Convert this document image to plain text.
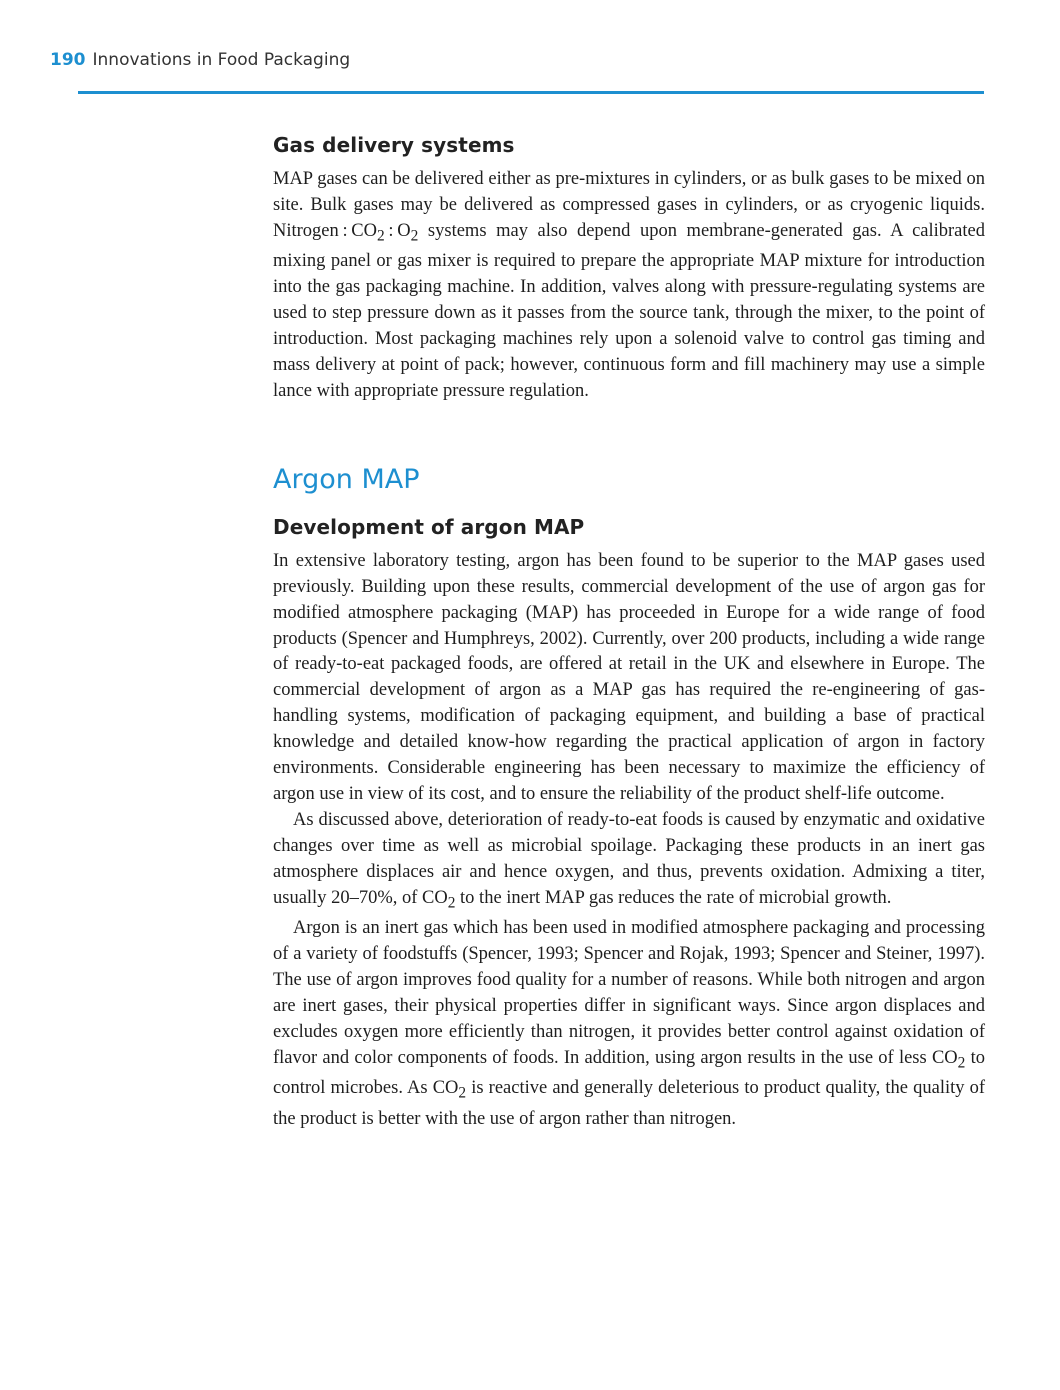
190 Innovations in Food Packaging
Gas delivery systems

MAP gases can be delivered either as pre-mixtures in cylinders, or as bulk gases to be mixed on site. Bulk gases may be delivered as compressed gases in cylinders, or as cryogenic liquids. Nitrogen : $CO_2$ : $O_2$ systems may also depend upon membrane-generated gas. A calibrated mixing panel or gas mixer is required to prepare the appropriate MAP mixture for introduction into the gas packaging machine. In addition, valves along with pressure-regulating systems are used to step pressure down as it passes from the source tank, through the mixer, to the point of introduction. Most packaging machines rely upon a solenoid valve to control gas timing and mass delivery at point of pack; however, continuous form and fill machinery may use a simple lance with appropriate pressure regulation.

Argon MAP
Development of argon MAP

In extensive laboratory testing, argon has been found to be superior to the MAP gases used previously. Building upon these results, commercial development of the use of argon gas for modified atmosphere packaging (MAP) has proceeded in Europe for a wide range of food products (Spencer and Humphreys, 2002). Currently, over 200 products, including a wide range of ready-to-eat packaged foods, are offered at retail in the UK and elsewhere in Europe. The commercial development of argon as a MAP gas has required the re-engineering of gas-handling systems, modification of packaging equipment, and building a base of practical knowledge and detailed know-how regarding the practical application of argon in factory environments. Considerable engineering has been necessary to maximize the efficiency of argon use in view of its cost, and to ensure the reliability of the product shelf-life outcome.

As discussed above, deterioration of ready-to-eat foods is caused by enzymatic and oxidative changes over time as well as microbial spoilage. Packaging these products in an inert gas atmosphere displaces air and hence oxygen, and thus, prevents oxidation. Admixing a titer, usually 20–70%, of $CO_2$ to the inert MAP gas reduces the rate of microbial growth.

Argon is an inert gas which has been used in modified atmosphere packaging and processing of a variety of foodstuffs (Spencer, 1993; Spencer and Rojak, 1993; Spencer and Steiner, 1997). The use of argon improves food quality for a number of reasons. While both nitrogen and argon are inert gases, their physical properties differ in significant ways. Since argon displaces and excludes oxygen more efficiently than nitrogen, it provides better control against oxidation of flavor and color components of foods. In addition, using argon results in the use of less $CO_2$ to control microbes. As $CO_2$ is reactive and generally deleterious to product quality, the quality of the product is better with the use of argon rather than nitrogen.
